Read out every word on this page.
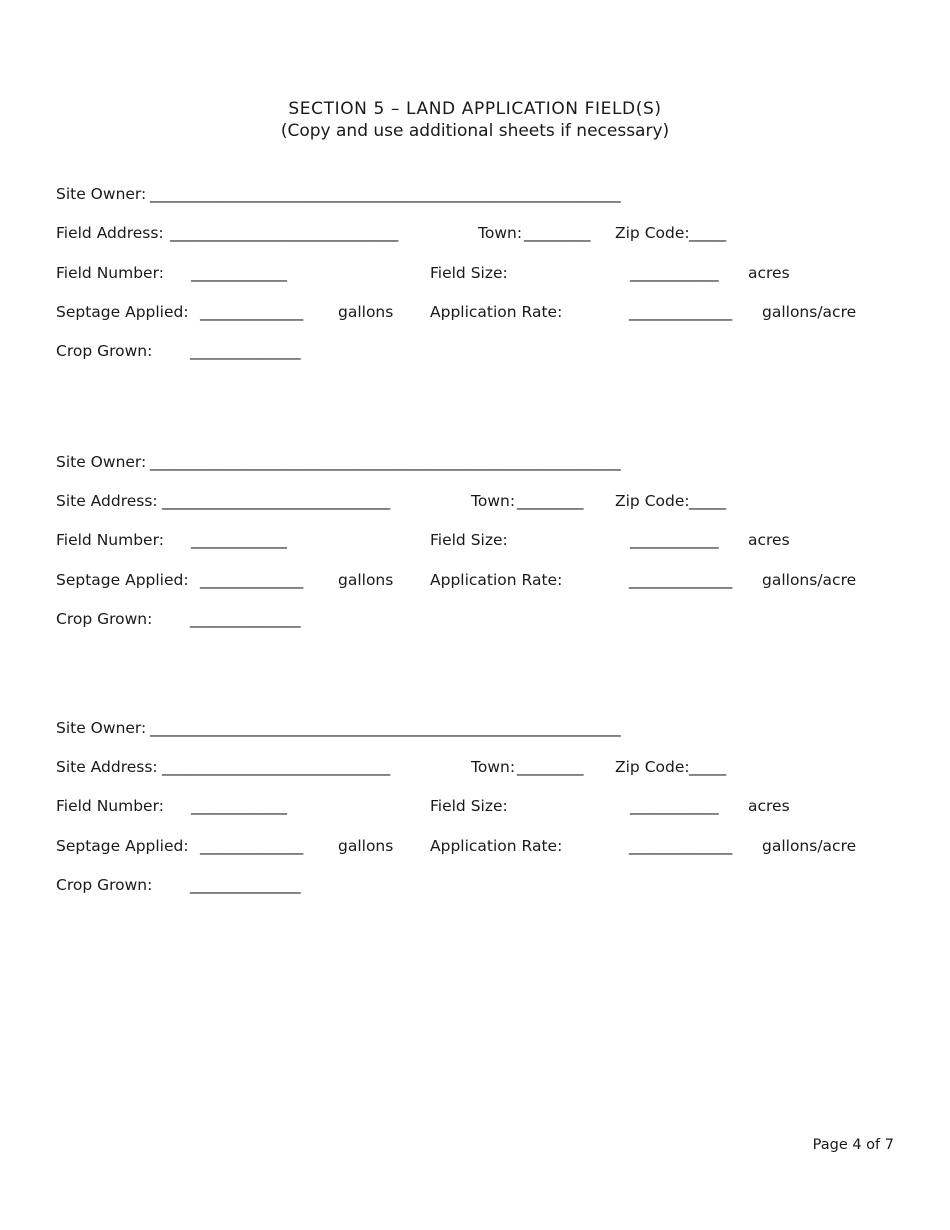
SECTION 5 – LAND APPLICATION FIELD(S)
(Copy and use additional sheets if necessary)
Site Owner: ________________________________________________________________
Field Address: _______________________________	Town: _________ Zip Code: _____
Field Number: _____________	Field Size:	____________ acres
Septage Applied: ______________ gallons Application Rate:	______________ gallons/acre
Crop Grown: _______________
Site Owner: ________________________________________________________________
Site Address: _______________________________	Town: _________ Zip Code: _____
Field Number: _____________	Field Size:	____________ acres
Septage Applied: ______________ gallons Application Rate:	______________ gallons/acre
Crop Grown: _______________
Site Owner: ________________________________________________________________
Site Address: _______________________________	Town: _________ Zip Code: _____
Field Number: _____________	Field Size:	____________ acres
Septage Applied: ______________ gallons Application Rate:	______________ gallons/acre
Crop Grown: _______________
Page 4 of 7
